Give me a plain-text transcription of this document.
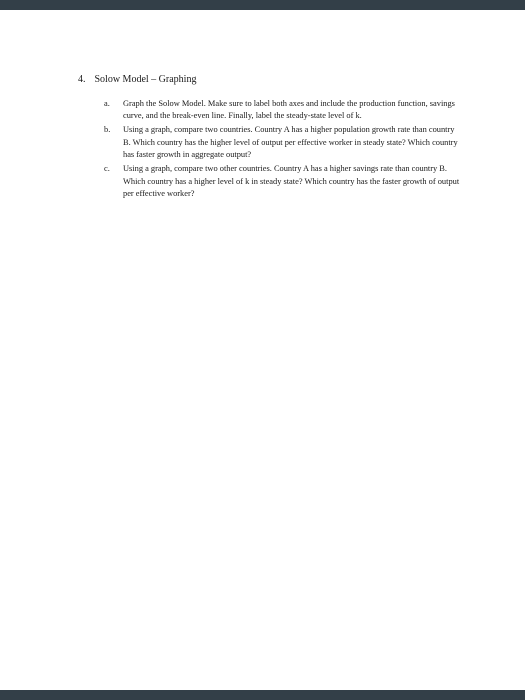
4. Solow Model – Graphing
a. Graph the Solow Model. Make sure to label both axes and include the production function, savings curve, and the break-even line. Finally, label the steady-state level of k.
b. Using a graph, compare two countries. Country A has a higher population growth rate than country B. Which country has the higher level of output per effective worker in steady state? Which country has faster growth in aggregate output?
c. Using a graph, compare two other countries. Country A has a higher savings rate than country B. Which country has a higher level of k in steady state? Which country has the faster growth of output per effective worker?
